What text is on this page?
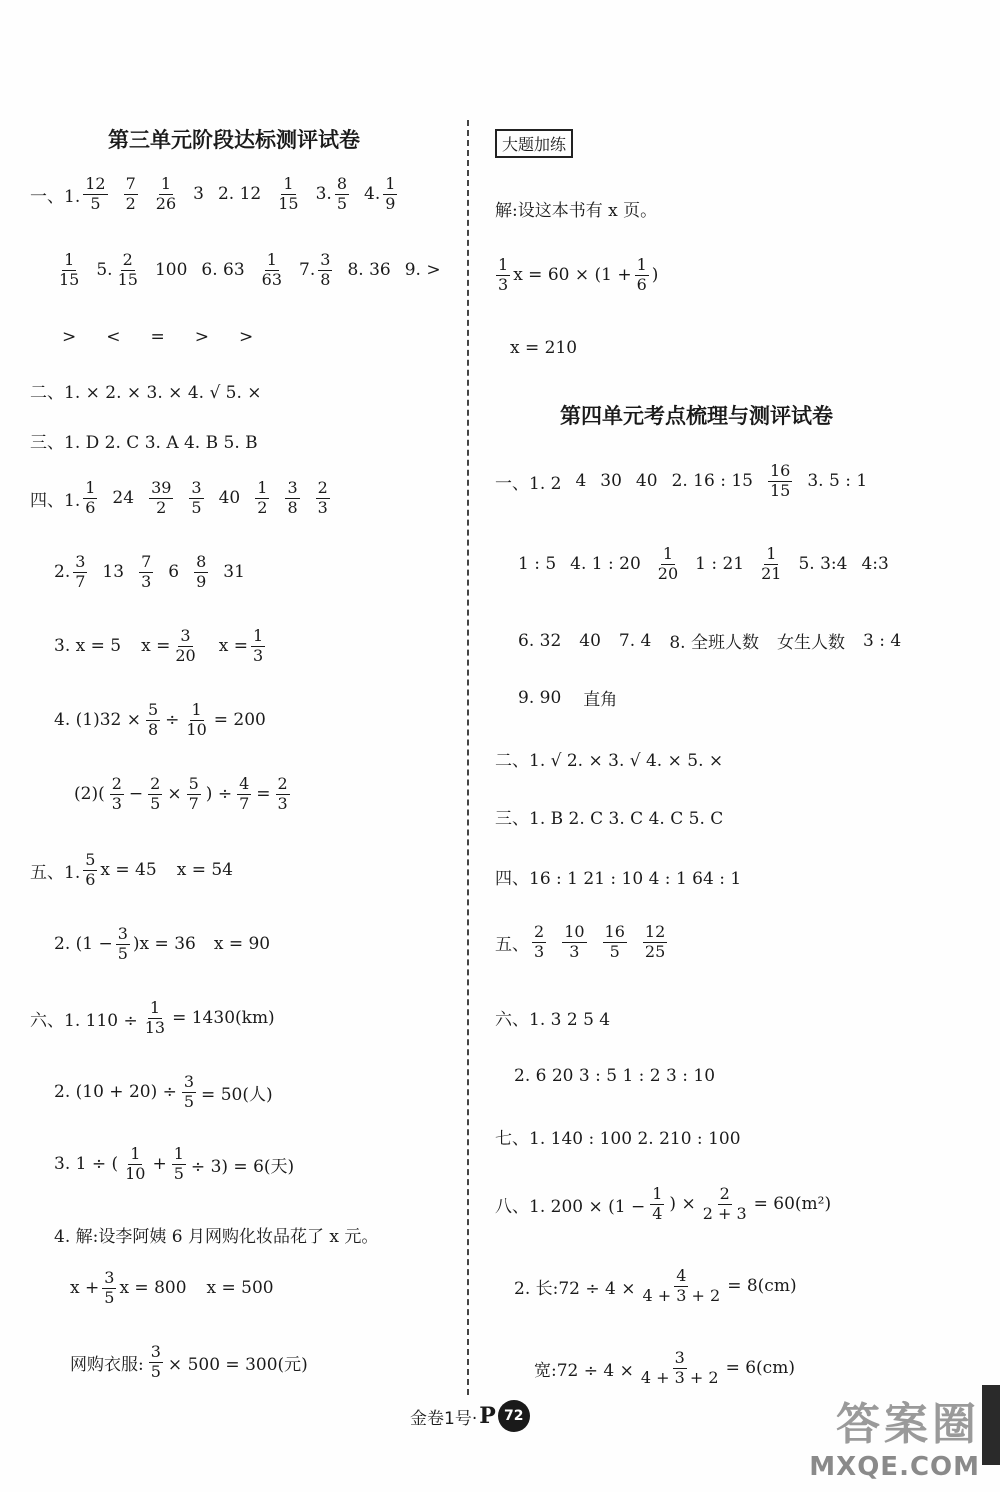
第三单元阶段达标测评试卷
一、1. $\frac{12}{5} \frac{7}{2} \frac{1}{26} 3$ 2. $12 \frac{1}{15} 3$. $\frac{8}{5} 4$. $\frac{1}{9}$
$\frac{1}{15} 5$. $\frac{2}{15} 100$ 6. $63 \frac{1}{63} 7$. $\frac{3}{8} 8$. 36 9. >
> < = > >
二、1. × 2. × 3. × 4. √ 5. ×
三、1. D 2. C 3. A 4. B 5. B
四、1. $\frac{1}{6} 24 \frac{39}{2} \frac{3}{5} 40 \frac{1}{2} \frac{3}{8} \frac{2}{3}$
2. $\frac{3}{7} 13 \frac{7}{3} 6 \frac{8}{9} 31$
3. x = 5 $x = \frac{3}{20}$ $x = \frac{1}{3}$
4. $(1)32 \times \frac{5}{8} \div \frac{1}{10} = 200$
$(2)( \frac{2}{3} - \frac{2}{5} \times \frac{5}{7}$ ) ÷ $\frac{4}{7} = \frac{2}{3}$
五、1. $\frac{5}{6}$ x = 45 x = 54
2. $(1 - \frac{3}{5} )x = 36$ x = 90
六、1. $110 \div \frac{1}{13} = 1430(km)$
2. $(10 + 20) \div \frac{3}{5} = 50$(人)
3. 1 ÷ ( $\frac{1}{10} + \frac{1}{5} \div 3) = 6$(天)
4. 解:设李阿姨 6 月网购化妆品花了 x 元。
$x + \frac{3}{5}$ x = 800 x = 500
网购衣服: $\frac{3}{5} \times 500 = 300$(元)
大题加练
解:设这本书有 x 页。
$\frac{1}{3}$ $x = 60 \times (1 + \frac{1}{6}$ )
x = 210
第四单元考点梳理与测评试卷
一、1. 2 4 30 40 2. 16 : $15 \frac{16}{15} 3$. 5 : 1
1 : 5 4. 1 : $20 \frac{1}{20} 1$ : $21 \frac{1}{21} 5$. 3:4 4:3
6. 32 40 7. 4 8. 全班人数 女生人数 3 : 4
9. 90 直角
二、1. √ 2. × 3. √ 4. × 5. ×
三、1. B 2. C 3. C 4. C 5. C
四、16 : 1 21 : 10 4 : 1 64 : 1
五、 $\frac{2}{3} \frac{10}{3} \frac{16}{5} \frac{12}{25}$
六、1. 3 2 5 4
2. 6 20 3 : 5 1 : 2 3 : 10
七、1. 140 : 100 2. 210 : 100
八、1. $200 \times (1 - \frac{1}{4}$ ) × $\frac{2}{2 + 3} = 60(m^2)$
2. 长:72 ÷ $4 \times \frac{4}{4 + 3 + 2} = 8(cm)$
宽:72 ÷ $4 \times \frac{3}{4 + 3 + 2} = 6(cm)$
金卷1号· P 72	答案圈
MXQE.COM
